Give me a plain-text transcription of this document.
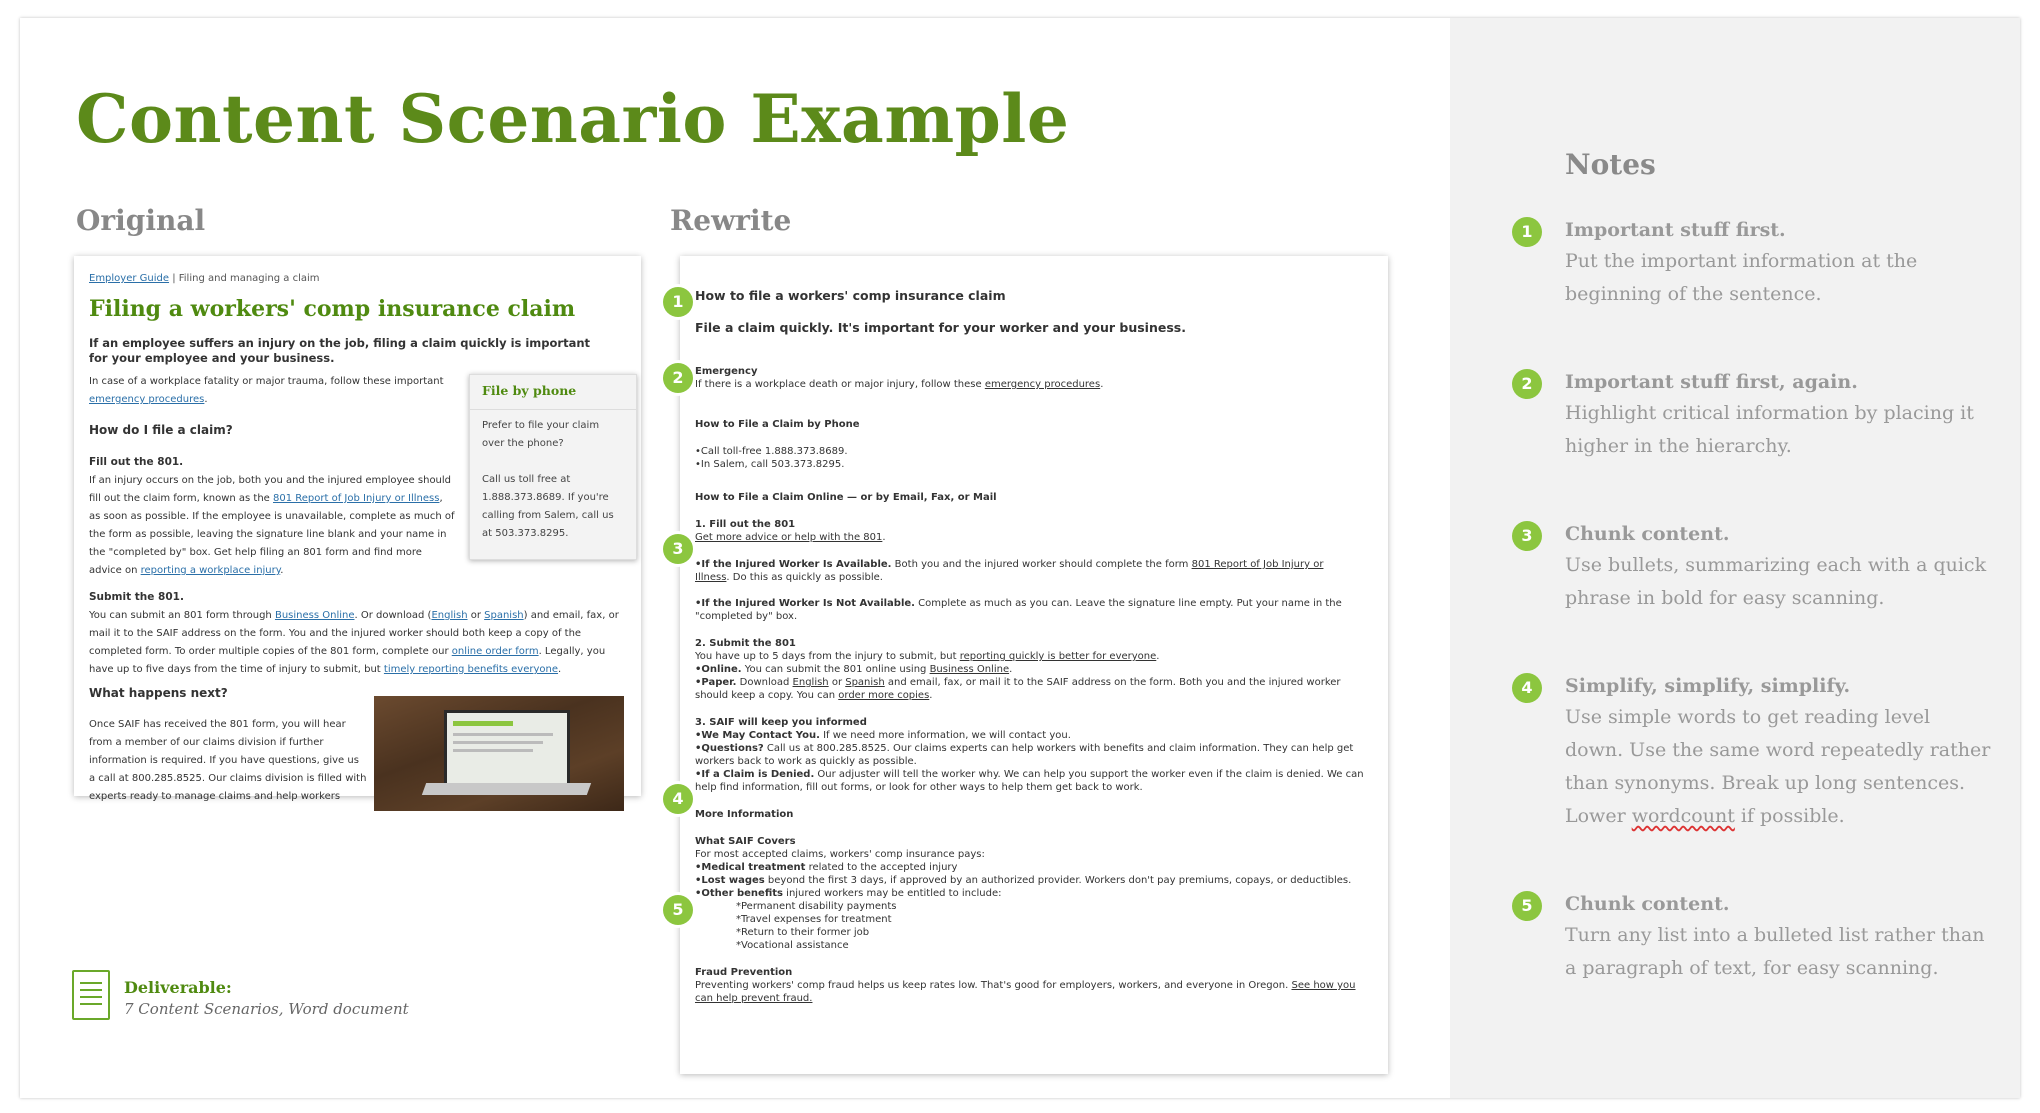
Content Scenario Example
Original	Rewrite
Employer Guide | Filing and managing a claim
Filing a workers' comp insurance claim

If an employee suffers an injury on the job, filing a claim quickly is important for your employee and your business.

In case of a workplace fatality or major trauma, follow these important
emergency procedures.

How do I file a claim?

Fill out the 801.

If an injury occurs on the job, both you and the injured employee should
fill out the claim form, known as the 801 Report of Job Injury or Illness,
as soon as possible. If the employee is unavailable, complete as much of
the form as possible, leaving the signature line blank and your name in
the "completed by" box. Get help filing an 801 form and find more
advice on reporting a workplace injury.

Submit the 801.

You can submit an 801 form through Business Online. Or download (English or Spanish) and email, fax, or
mail it to the SAIF address on the form. You and the injured worker should both keep a copy of the
completed form. To order multiple copies of the 801 form, complete our online order form. Legally, you
have up to five days from the time of injury to submit, but timely reporting benefits everyone.

What happens next?

Once SAIF has received the 801 form, you will hear
from a member of our claims division if further
information is required. If you have questions, give us
a call at 800.285.8525. Our claims division is filled with
experts ready to manage claims and help workers

File by phone

Prefer to file your claim
over the phone?

Call us toll free at
1.888.373.8689. If you're
calling from Salem, call us
at 503.373.8295.

How to file a workers' comp insurance claim

File a claim quickly. It's important for your worker and your business.

Emergency

If there is a workplace death or major injury, follow these emergency procedures.

How to File a Claim by Phone

•Call toll-free 1.888.373.8689.

•In Salem, call 503.373.8295.

How to File a Claim Online — or by Email, Fax, or Mail

1. Fill out the 801

Get more advice or help with the 801.

•If the Injured Worker Is Available. Both you and the injured worker should complete the form 801 Report of Job Injury or

Illness. Do this as quickly as possible.

•If the Injured Worker Is Not Available. Complete as much as you can. Leave the signature line empty. Put your name in the

"completed by" box.

2. Submit the 801

You have up to 5 days from the injury to submit, but reporting quickly is better for everyone.

•Online. You can submit the 801 online using Business Online.

•Paper. Download English or Spanish and email, fax, or mail it to the SAIF address on the form. Both you and the injured worker

should keep a copy. You can order more copies.

3. SAIF will keep you informed

•We May Contact You. If we need more information, we will contact you.

•Questions? Call us at 800.285.8525. Our claims experts can help workers with benefits and claim information. They can help get

workers back to work as quickly as possible.

•If a Claim is Denied. Our adjuster will tell the worker why. We can help you support the worker even if the claim is denied. We can

help find information, fill out forms, or look for other ways to help them get back to work.

More Information

What SAIF Covers

For most accepted claims, workers' comp insurance pays:

•Medical treatment related to the accepted injury

•Lost wages beyond the first 3 days, if approved by an authorized provider. Workers don't pay premiums, copays, or deductibles.

•Other benefits injured workers may be entitled to include:

*Permanent disability payments

*Travel expenses for treatment

*Return to their former job

*Vocational assistance

Fraud Prevention

Preventing workers' comp fraud helps us keep rates low. That's good for employers, workers, and everyone in Oregon. See how you

can help prevent fraud.

1
2
3
4
5
Deliverable:
7 Content Scenarios, Word document
Notes
1	Important stuff first.

Put the important information at the
beginning of the sentence.

2	Important stuff first, again.

Highlight critical information by placing it
higher in the hierarchy.

3	Chunk content.

Use bullets, summarizing each with a quick
phrase in bold for easy scanning.

4	Simplify, simplify, simplify.

Use simple words to get reading level
down. Use the same word repeatedly rather
than synonyms. Break up long sentences.
Lower wordcount if possible.

5	Chunk content.

Turn any list into a bulleted list rather than
a paragraph of text, for easy scanning.
